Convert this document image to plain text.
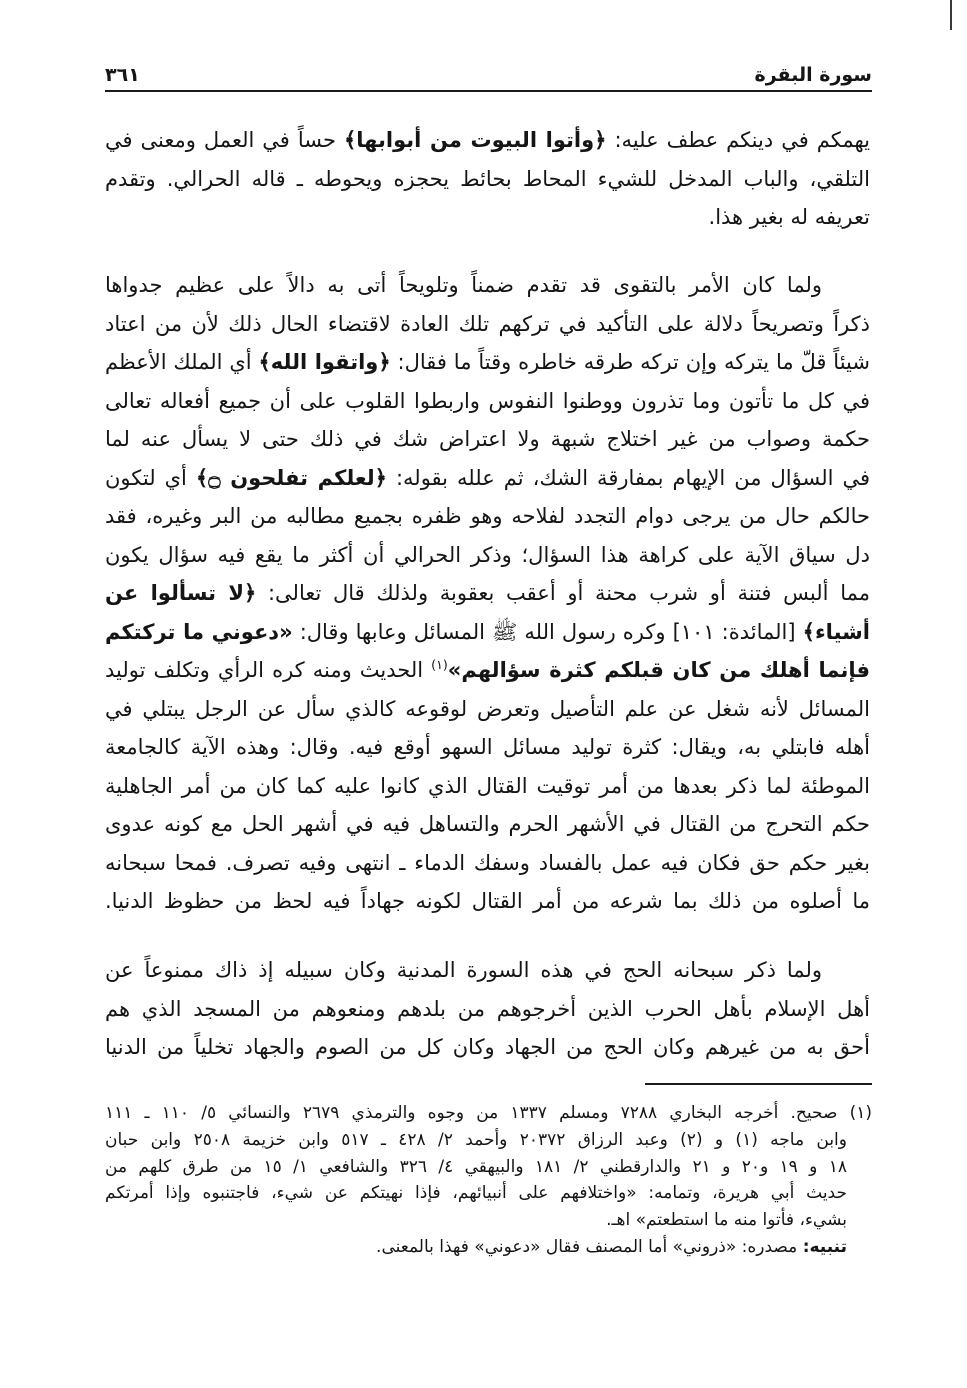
سورة البقرة
٣٦١
يهمكم في دينكم عطف عليه: ﴿وأتوا البيوت من أبوابها﴾ حساً في العمل ومعنى في
التلقي، والباب المدخل للشيء المحاط بحائط يحجزه ويحوطه ـ قاله الحرالي. وتقدم
تعريفه له بغير هذا.
ولما كان الأمر بالتقوى قد تقدم ضمناً وتلويحاً أتى به دالاً على عظيم جدواها
ذكراً وتصريحاً دلالة على التأكيد في تركهم تلك العادة لاقتضاء الحال ذلك لأن من اعتاد
شيئاً قلّ ما يتركه وإن تركه طرقه خاطره وقتاً ما فقال: ﴿واتقوا الله﴾ أي الملك الأعظم
في كل ما تأتون وما تذرون ووطنوا النفوس واربطوا القلوب على أن جميع أفعاله تعالى
حكمة وصواب من غير اختلاج شبهة ولا اعتراض شك في ذلك حتى لا يسأل عنه لما
في السؤال من الإيهام بمفارقة الشك، ثم علله بقوله: ﴿لعلكم تفلحون ۝﴾ أي لتكون
حالكم حال من يرجى دوام التجدد لفلاحه وهو ظفره بجميع مطالبه من البر وغيره، فقد
دل سياق الآية على كراهة هذا السؤال؛ وذكر الحرالي أن أكثر ما يقع فيه سؤال يكون
مما ألبس فتنة أو شرب محنة أو أعقب بعقوبة ولذلك قال تعالى: ﴿لا تسألوا عن
أشياء﴾ [المائدة: ١٠١] وكره رسول الله ﷺ المسائل وعابها وقال: «دعوني ما تركتكم
فإنما أهلك من كان قبلكم كثرة سؤالهم»$^{(١)}$ الحديث ومنه كره الرأي وتكلف توليد
المسائل لأنه شغل عن علم التأصيل وتعرض لوقوعه كالذي سأل عن الرجل يبتلي في
أهله فابتلي به، ويقال: كثرة توليد مسائل السهو أوقع فيه. وقال: وهذه الآية كالجامعة
الموطئة لما ذكر بعدها من أمر توقيت القتال الذي كانوا عليه كما كان من أمر الجاهلية
حكم التحرج من القتال في الأشهر الحرم والتساهل فيه في أشهر الحل مع كونه عدوى
بغير حكم حق فكان فيه عمل بالفساد وسفك الدماء ـ انتهى وفيه تصرف. فمحا سبحانه
ما أصلوه من ذلك بما شرعه من أمر القتال لكونه جهاداً فيه لحظ من حظوظ الدنيا.
ولما ذكر سبحانه الحج في هذه السورة المدنية وكان سبيله إذ ذاك ممنوعاً عن
أهل الإسلام بأهل الحرب الذين أخرجوهم من بلدهم ومنعوهم من المسجد الذي هم
أحق به من غيرهم وكان الحج من الجهاد وكان كل من الصوم والجهاد تخلياً من الدنيا
(١) صحيح. أخرجه البخاري ٧٢٨٨ ومسلم ١٣٣٧ من وجوه والترمذي ٢٦٧٩ والنسائي ٥/ ١١٠ ـ ١١١
وابن ماجه (١) و (٢) وعبد الرزاق ٢٠٣٧٢ وأحمد ٢/ ٤٢٨ ـ ٥١٧ وابن خزيمة ٢٥٠٨ وابن حبان
١٨ و ١٩ و٢٠ و ٢١ والدارقطني ٢/ ١٨١ والبيهقي ٤/ ٣٢٦ والشافعي ١/ ١٥ من طرق كلهم من
حديث أبي هريرة، وتمامه: «واختلافهم على أنبيائهم، فإذا نهيتكم عن شيء، فاجتنبوه وإذا أمرتكم
بشيء، فأتوا منه ما استطعتم» اهـ.
تنبيه: مصدره: «ذروني» أما المصنف فقال «دعوني» فهذا بالمعنى.
